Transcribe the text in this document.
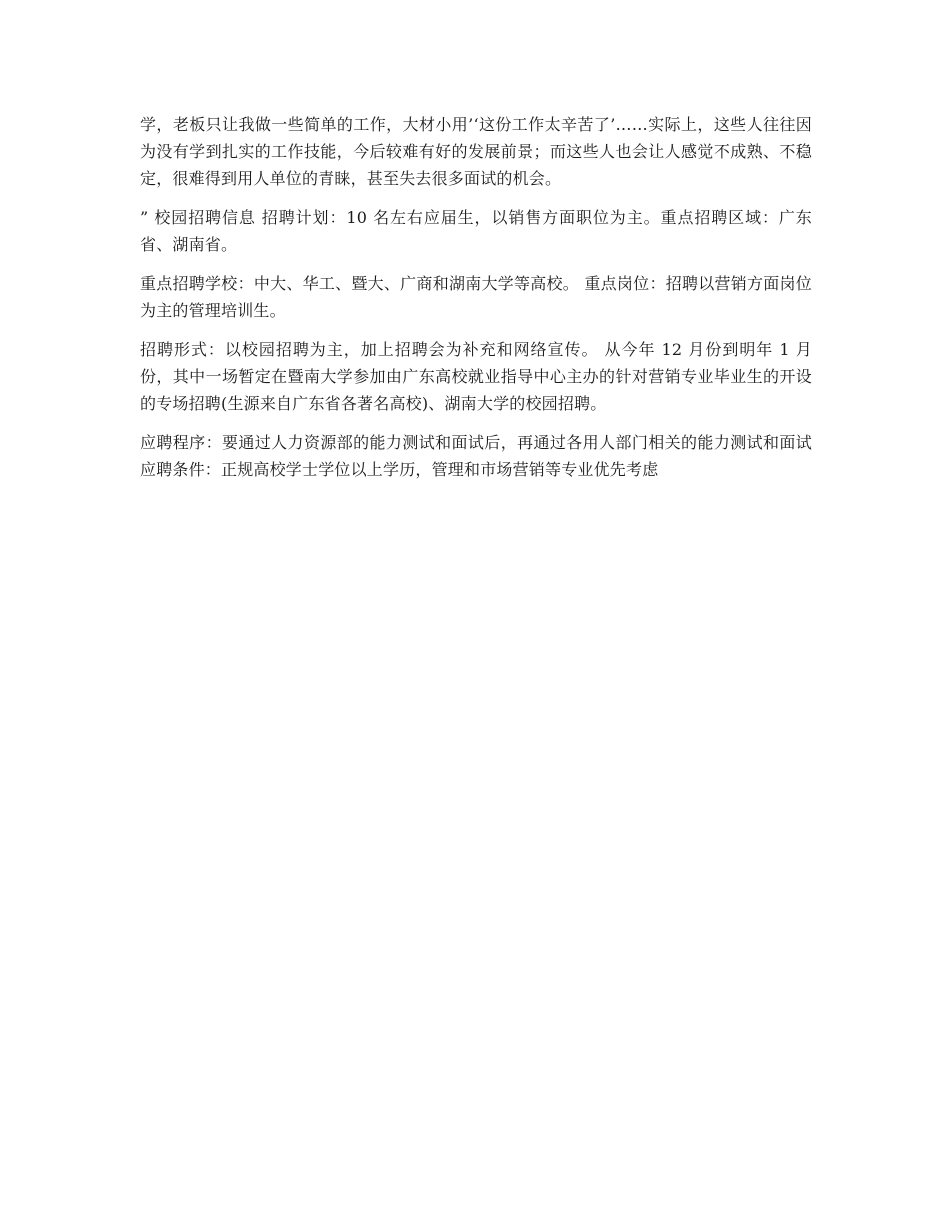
学，老板只让我做一些简单的工作，大材小用’‘这份工作太辛苦了’……实际上，这些人往往因为没有学到扎实的工作技能，今后较难有好的发展前景；而这些人也会让人感觉不成熟、不稳定，很难得到用人单位的青睐，甚至失去很多面试的机会。

” 校园招聘信息 招聘计划：10 名左右应届生，以销售方面职位为主。重点招聘区域：广东省、湖南省。

重点招聘学校：中大、华工、暨大、广商和湖南大学等高校。 重点岗位：招聘以营销方面岗位为主的管理培训生。

招聘形式：以校园招聘为主，加上招聘会为补充和网络宣传。 从今年 12 月份到明年 1 月份，其中一场暂定在暨南大学参加由广东高校就业指导中心主办的针对营销专业毕业生的开设的专场招聘(生源来自广东省各著名高校)、湖南大学的校园招聘。

应聘程序：要通过人力资源部的能力测试和面试后，再通过各用人部门相关的能力测试和面试 应聘条件：正规高校学士学位以上学历，管理和市场营销等专业优先考虑
